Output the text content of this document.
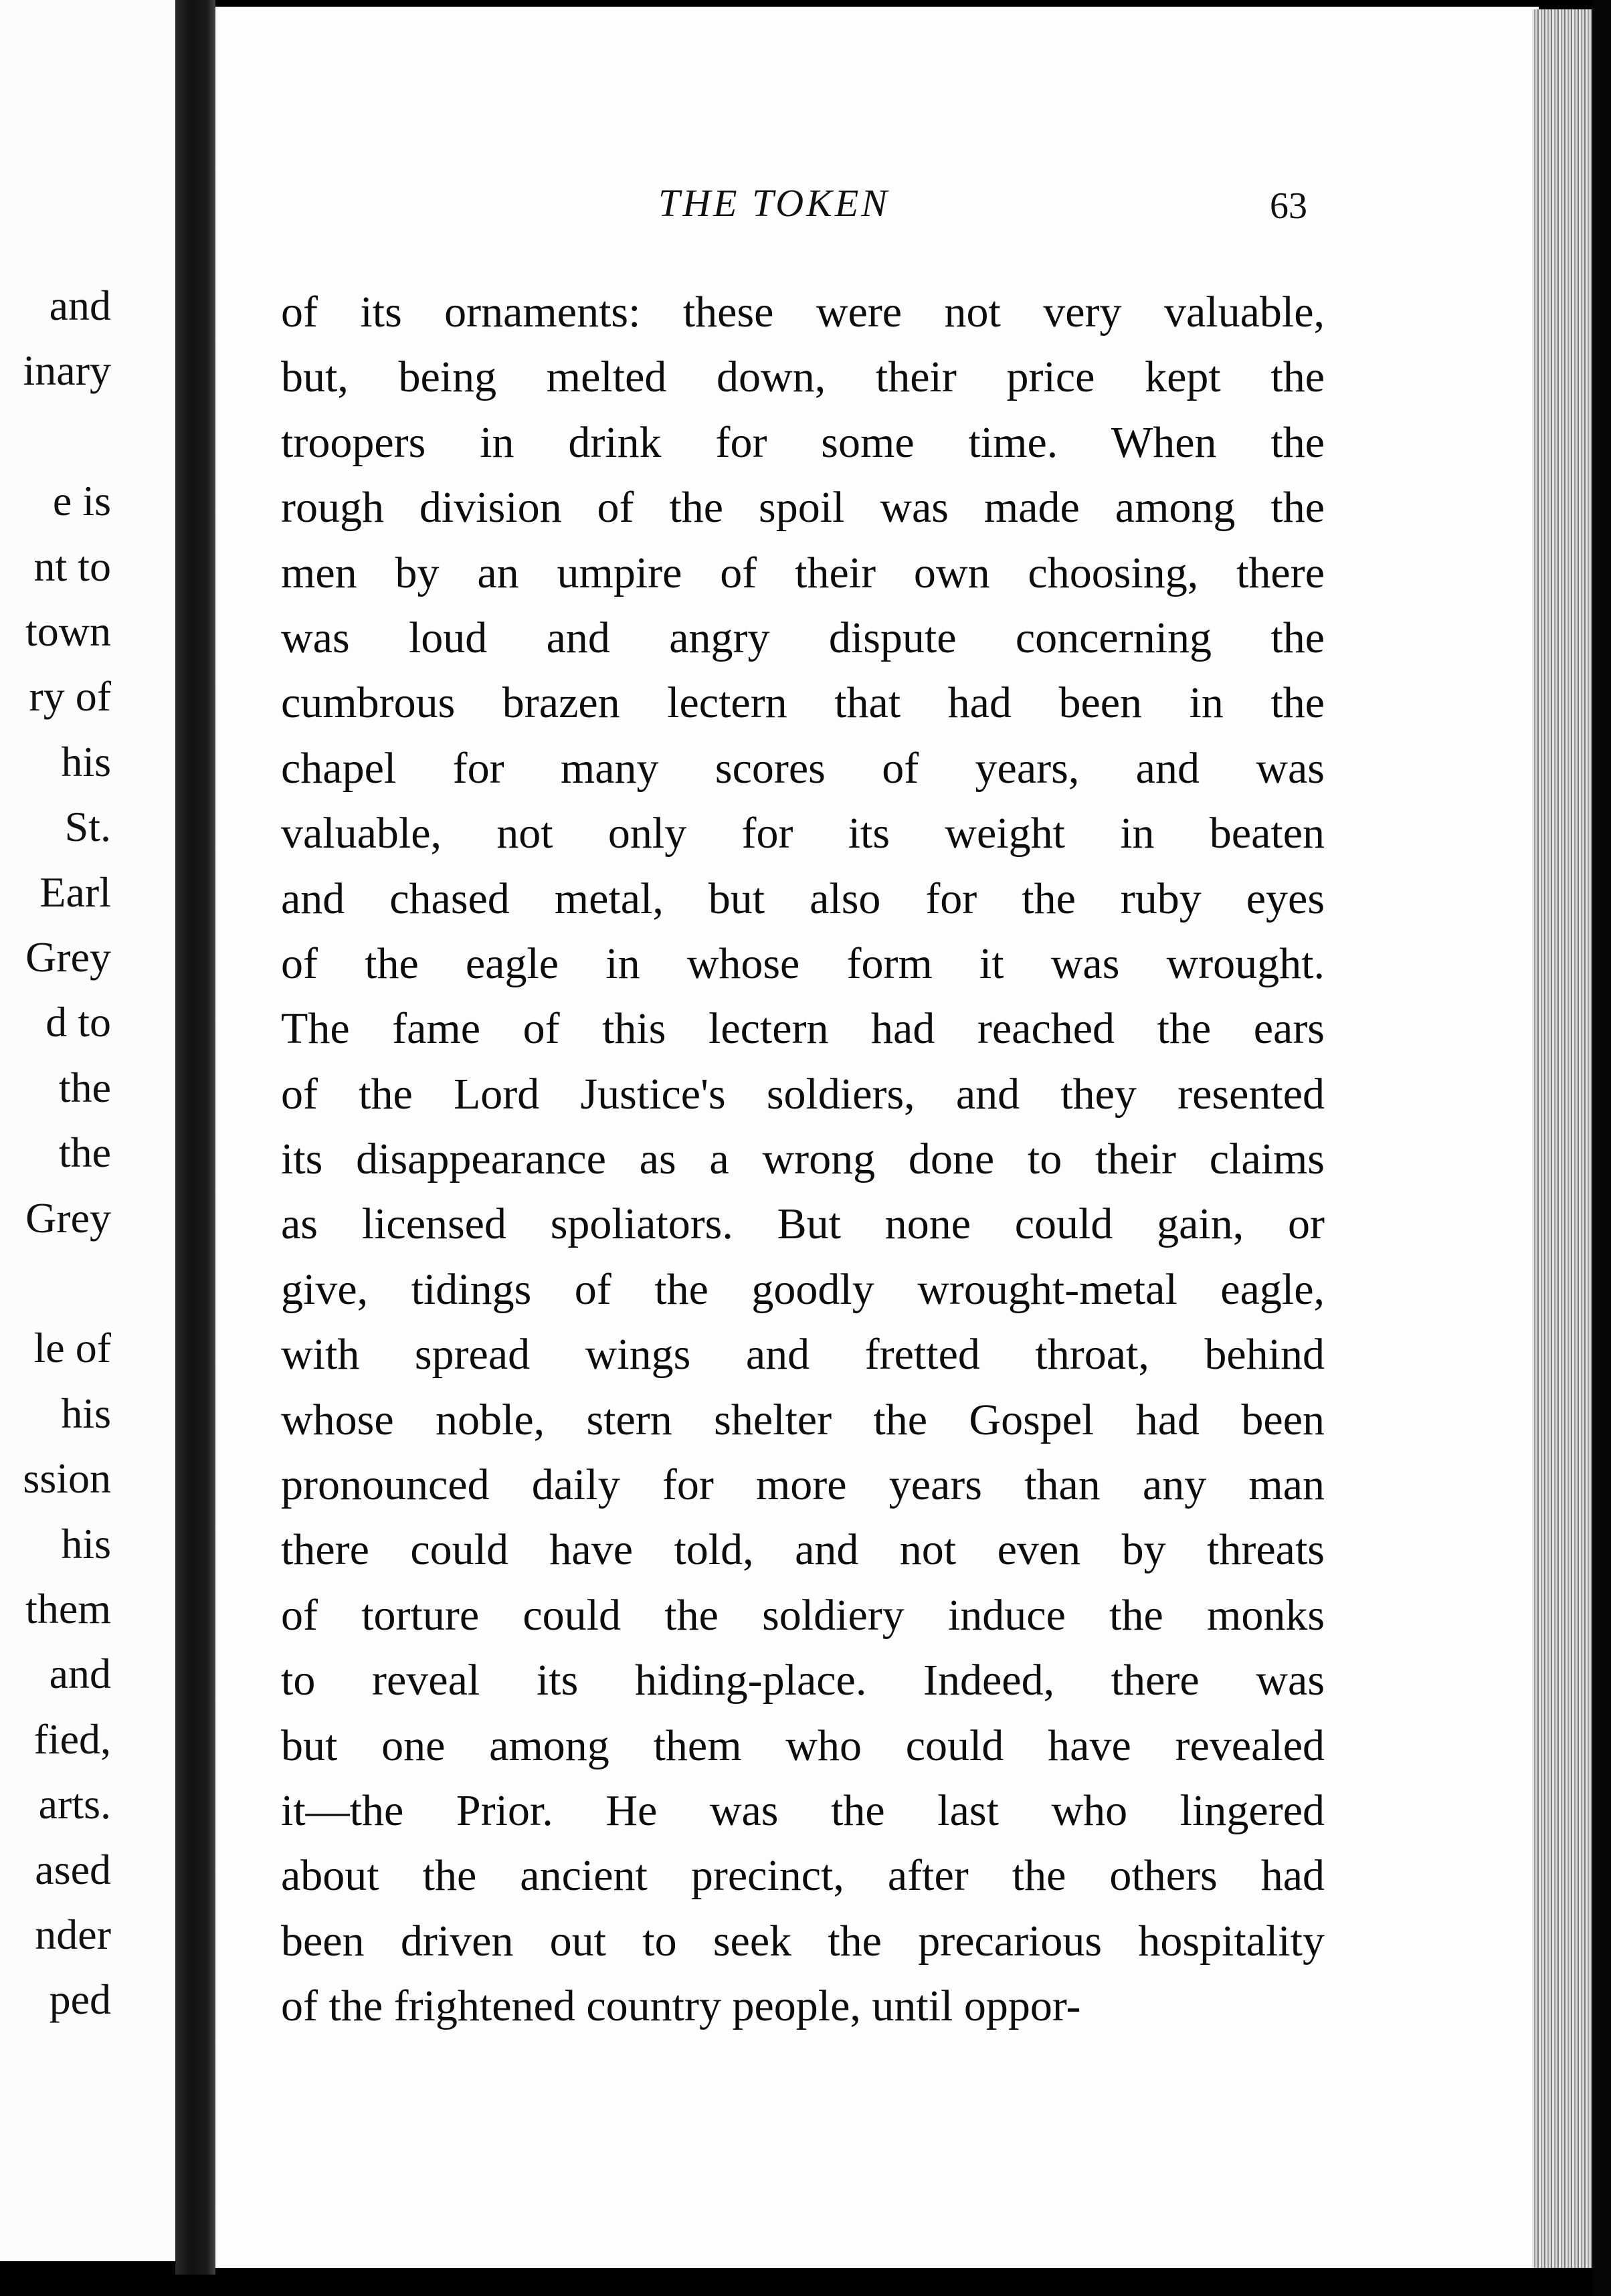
and

inary

e is

nt to

town

ry of

his

St.

Earl

Grey

d to

the

the

Grey

le of

his

ssion

his

them

and

fied,

arts.

ased

nder

ped

THE TOKEN	63

of its ornaments: these were not very valuable,
but, being melted down, their price kept the
troopers in drink for some time. When the
rough division of the spoil was made among the
men by an umpire of their own choosing, there
was loud and angry dispute concerning the
cumbrous brazen lectern that had been in the
chapel for many scores of years, and was
valuable, not only for its weight in beaten
and chased metal, but also for the ruby eyes
of the eagle in whose form it was wrought.
The fame of this lectern had reached the ears
of the Lord Justice's soldiers, and they resented
its disappearance as a wrong done to their claims
as licensed spoliators. But none could gain, or
give, tidings of the goodly wrought-metal eagle,
with spread wings and fretted throat, behind
whose noble, stern shelter the Gospel had been
pronounced daily for more years than any man
there could have told, and not even by threats
of torture could the soldiery induce the monks
to reveal its hiding-place. Indeed, there was
but one among them who could have revealed
it—the Prior. He was the last who lingered
about the ancient precinct, after the others had
been driven out to seek the precarious hospitality
of the frightened country people, until oppor-
